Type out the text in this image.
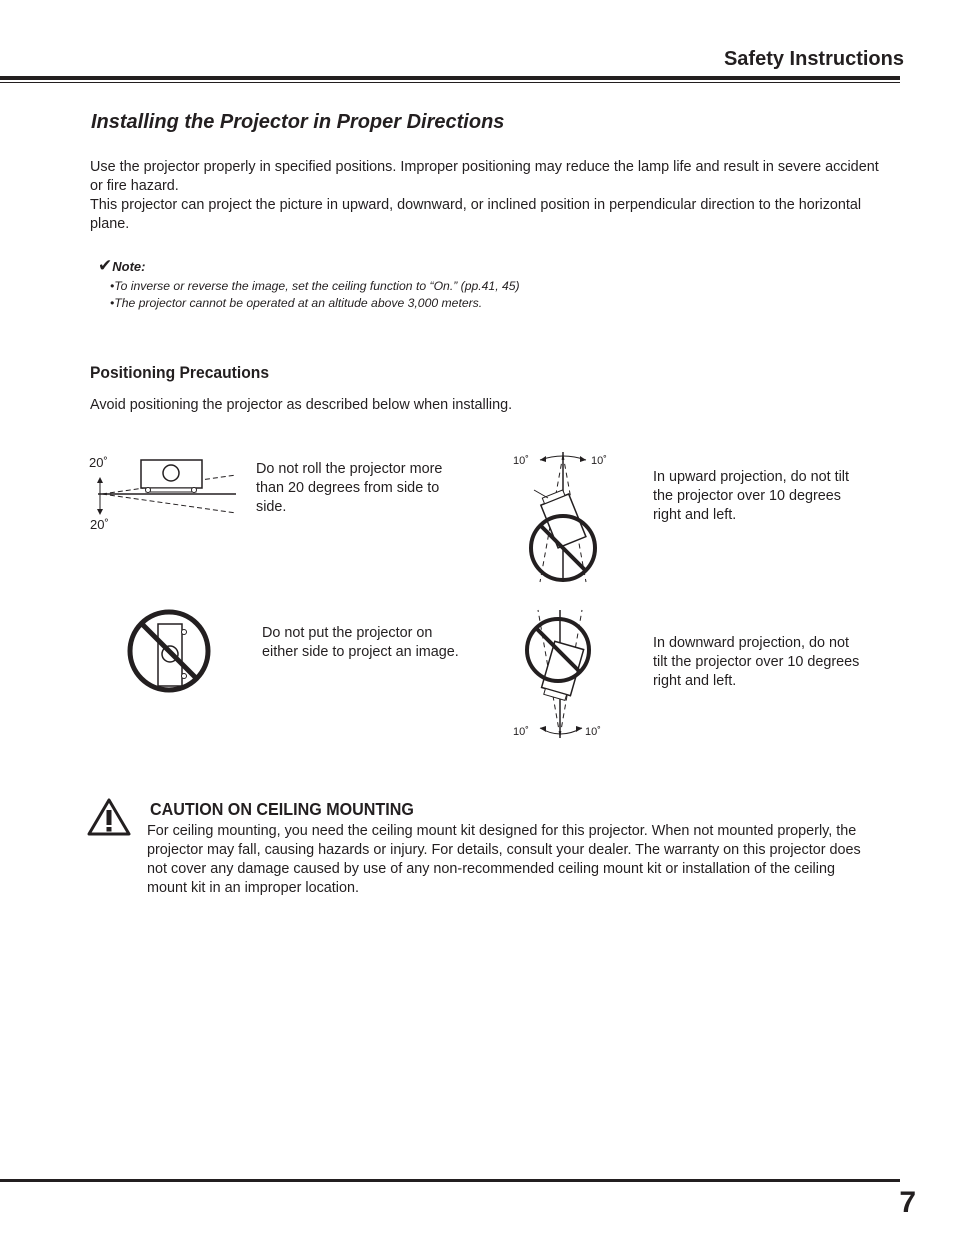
Safety Instructions
Installing the Projector in Proper Directions

Use the projector properly in specified positions. Improper positioning may reduce the lamp life and result in severe accident or fire hazard.

This projector can project the picture in upward, downward, or inclined position in perpendicular direction to the horizontal plane.

✔Note:
•To inverse or reverse the image, set the ceiling function to “On.” (pp.41, 45)
•The projector cannot be operated at an altitude above 3,000 meters.
Positioning Precautions
Avoid positioning the projector as described below when installing.
20˚
20˚
Do not roll the projector more than 20 degrees from side to side.
10˚	10˚
In upward projection, do not tilt the projector over 10 degrees right and left.
Do not put the projector on either side to project an image.
10˚	10˚
In downward projection, do not tilt the projector over 10 degrees right and left.
CAUTION ON CEILING MOUNTING
For ceiling mounting, you need the ceiling mount kit designed for this projector. When not mounted properly, the projector may fall, causing hazards or injury. For details, consult your dealer. The warranty on this projector does not cover any damage caused by use of any non-recommended ceiling mount kit or installation of the ceiling mount kit in an improper location.
7
